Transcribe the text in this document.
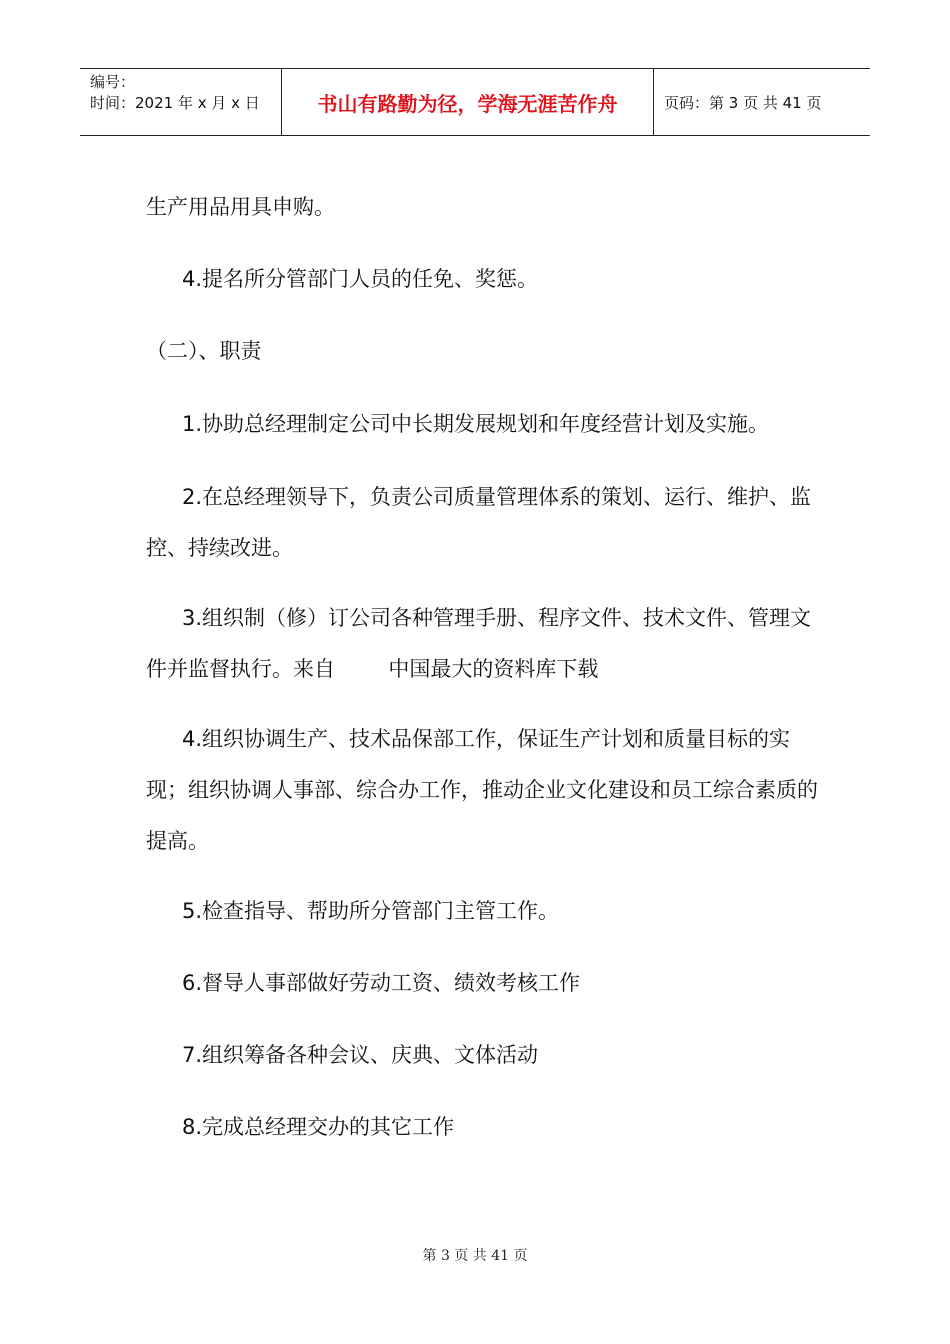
编号：
时间：2021 年 x 月 x 日	书山有路勤为径，学海无涯苦作舟	页码：第 3 页 共 41 页

生产用品用具申购。

4.提名所分管部门人员的任免、奖惩。

（二）、职责

1.协助总经理制定公司中长期发展规划和年度经营计划及实施。

2.在总经理领导下，负责公司质量管理体系的策划、运行、维护、监控、持续改进。

3.组织制（修）订公司各种管理手册、程序文件、技术文件、管理文件并监督执行。来自        中国最大的资料库下载

4.组织协调生产、技术品保部工作，保证生产计划和质量目标的实现；组织协调人事部、综合办工作，推动企业文化建设和员工综合素质的提高。

5.检查指导、帮助所分管部门主管工作。

6.督导人事部做好劳动工资、绩效考核工作

7.组织筹备各种会议、庆典、文体活动

8.完成总经理交办的其它工作

第 3 页 共 41 页
